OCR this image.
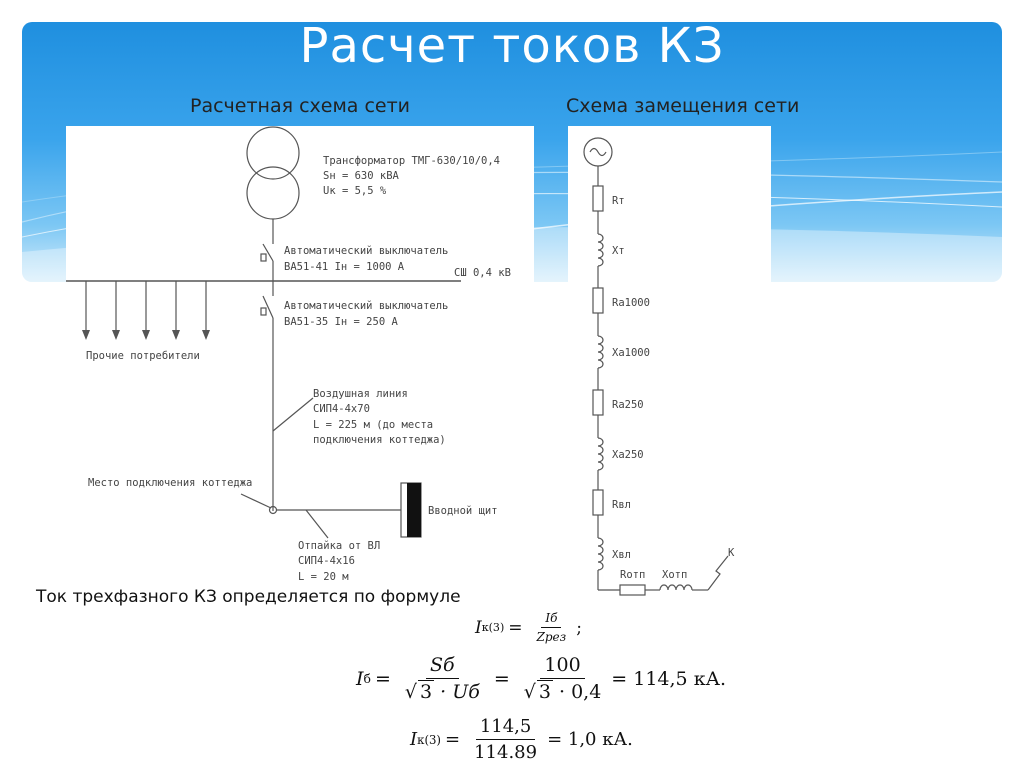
Расчет токов КЗ
Расчетная схема сети	Схема замещения сети
Трансформатор ТМГ-630/10/0,4
Sн = 630 кВА
Uк = 5,5 %
Автоматический выключатель
ВА51-41 Iн = 1000 А	СШ 0,4 кВ
Автоматический выключатель
ВА51-35 Iн = 250 А
Прочие потребители
Воздушная линия
СИП4-4х70
L = 225 м (до места
подключения коттеджа)
Место подключения коттеджа
Вводной щит
Отпайка от ВЛ
СИП4-4х16
L = 20 м
Rт
Xт
Rа1000
Xа1000
Rа250
Xа250
Rвл
Xвл
Rотп Xотп
К
Ток трехфазного КЗ определяется по формуле
I к $(3) = \frac{Iб}{\text{Zрез}}$ ;
I $б = \frac{Sб}{√ 3 \cdot Uб} = \frac{100}{√ 3 \cdot 0,4} = 114,5$ кА.
I к $(3) = \frac{114,5}{114.89} = 1,0$ кА.
